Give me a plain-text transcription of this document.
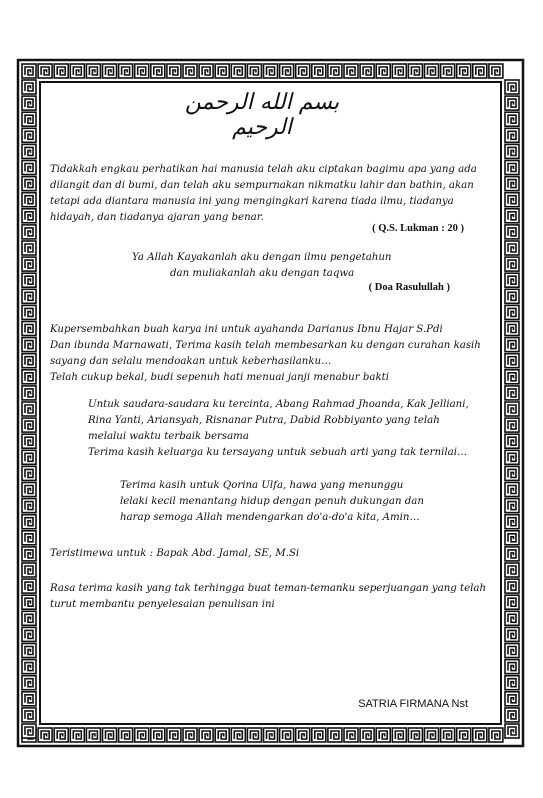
بسم الله الرحمن الرحيم
Tidakkah engkau perhatikan hai manusia telah aku ciptakan bagimu apa yang ada
dilangit dan di bumi, dan telah aku sempurnakan nikmatku lahir dan bathin, akan
tetapi ada diantara manusia ini yang mengingkari karena tiada ilmu, tiadanya
hidayah, dan tiadanya ajaran yang benar.
( Q.S. Lukman : 20 )
Ya Allah Kayakanlah aku dengan ilmu pengetahun
dan muliakanlah aku dengan taqwa
( Doa Rasulullah )
Kupersembahkan buah karya ini untuk ayahanda Darianus Ibnu Hajar S.Pdi
Dan ibunda Marnawati, Terima kasih telah membesarkan ku dengan curahan kasih
sayang dan selalu mendoakan untuk keberhasilanku…
Telah cukup bekal, budi sepenuh hati menuai janji menabur bakti
Untuk saudara-saudara ku tercinta, Abang Rahmad Jhoanda, Kak Jelliani,
Rina Yanti, Ariansyah, Risnanar Putra, Dabid Robbiyanto yang telah
melalui waktu terbaik bersama
Terima kasih keluarga ku tersayang untuk sebuah arti yang tak ternilai…
Terima kasih untuk Qorina Ulfa, hawa yang menunggu
lelaki kecil menantang hidup dengan penuh dukungan dan
harap semoga Allah mendengarkan do'a-do'a kita, Amin…
Teristimewa untuk : Bapak Abd. Jamal, SE, M.Si
Rasa terima kasih yang tak terhingga buat teman-temanku seperjuangan yang telah
turut membantu penyelesaian penulisan ini
SATRIA FIRMANA Nst
